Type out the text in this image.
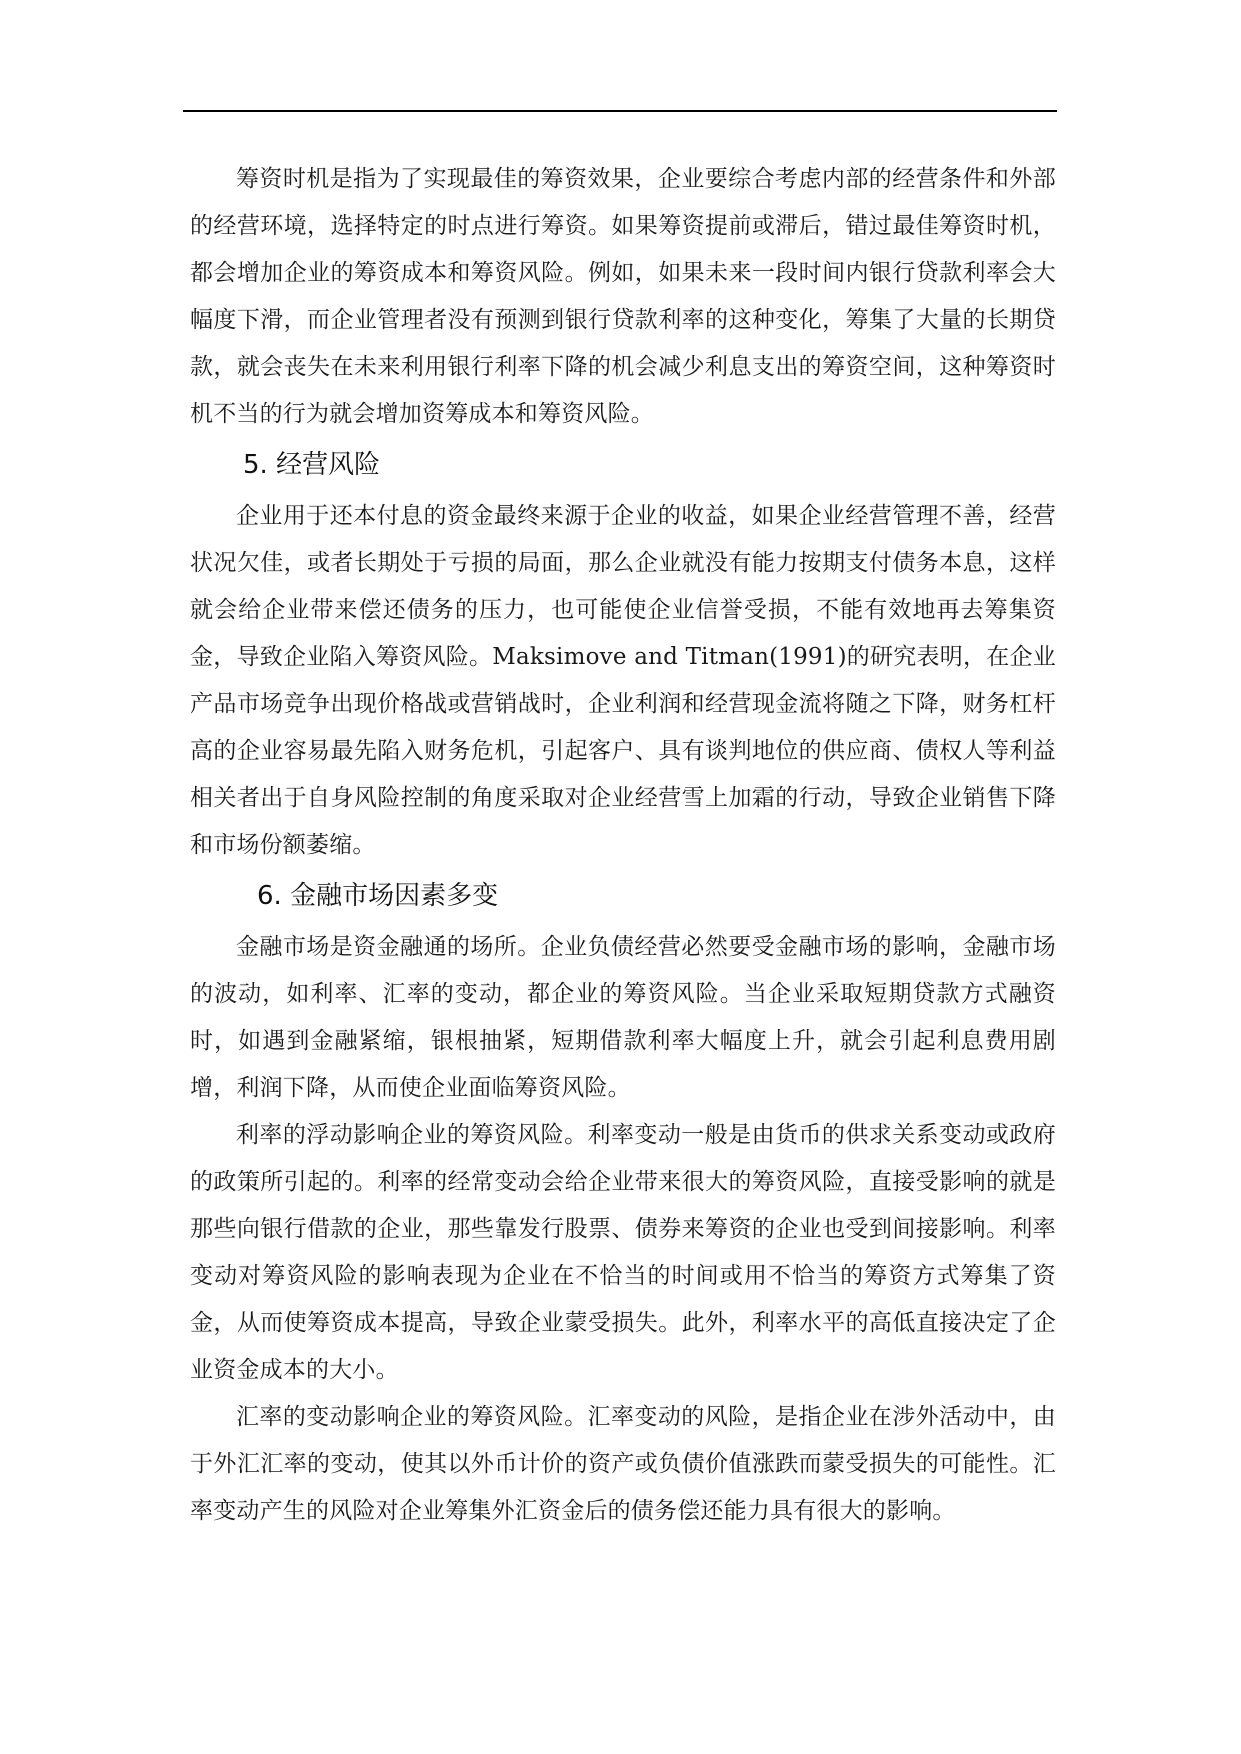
筹资时机是指为了实现最佳的筹资效果，企业要综合考虑内部的经营条件和外部的经营环境，选择特定的时点进行筹资。如果筹资提前或滞后，错过最佳筹资时机，都会增加企业的筹资成本和筹资风险。例如，如果未来一段时间内银行贷款利率会大幅度下滑，而企业管理者没有预测到银行贷款利率的这种变化，筹集了大量的长期贷款，就会丧失在未来利用银行利率下降的机会减少利息支出的筹资空间，这种筹资时机不当的行为就会增加资筹成本和筹资风险。

5. 经营风险

企业用于还本付息的资金最终来源于企业的收益，如果企业经营管理不善，经营状况欠佳，或者长期处于亏损的局面，那么企业就没有能力按期支付债务本息，这样就会给企业带来偿还债务的压力，也可能使企业信誉受损，不能有效地再去筹集资金，导致企业陷入筹资风险。Maksimove and Titman(1991)的研究表明，在企业产品市场竞争出现价格战或营销战时，企业利润和经营现金流将随之下降，财务杠杆高的企业容易最先陷入财务危机，引起客户、具有谈判地位的供应商、债权人等利益相关者出于自身风险控制的角度采取对企业经营雪上加霜的行动，导致企业销售下降和市场份额萎缩。

6. 金融市场因素多变

金融市场是资金融通的场所。企业负债经营必然要受金融市场的影响，金融市场的波动，如利率、汇率的变动，都企业的筹资风险。当企业采取短期贷款方式融资时，如遇到金融紧缩，银根抽紧，短期借款利率大幅度上升，就会引起利息费用剧增，利润下降，从而使企业面临筹资风险。

利率的浮动影响企业的筹资风险。利率变动一般是由货币的供求关系变动或政府的政策所引起的。利率的经常变动会给企业带来很大的筹资风险，直接受影响的就是那些向银行借款的企业，那些靠发行股票、债券来筹资的企业也受到间接影响。利率变动对筹资风险的影响表现为企业在不恰当的时间或用不恰当的筹资方式筹集了资金，从而使筹资成本提高，导致企业蒙受损失。此外，利率水平的高低直接决定了企业资金成本的大小。

汇率的变动影响企业的筹资风险。汇率变动的风险，是指企业在涉外活动中，由于外汇汇率的变动，使其以外币计价的资产或负债价值涨跌而蒙受损失的可能性。汇率变动产生的风险对企业筹集外汇资金后的债务偿还能力具有很大的影响。
